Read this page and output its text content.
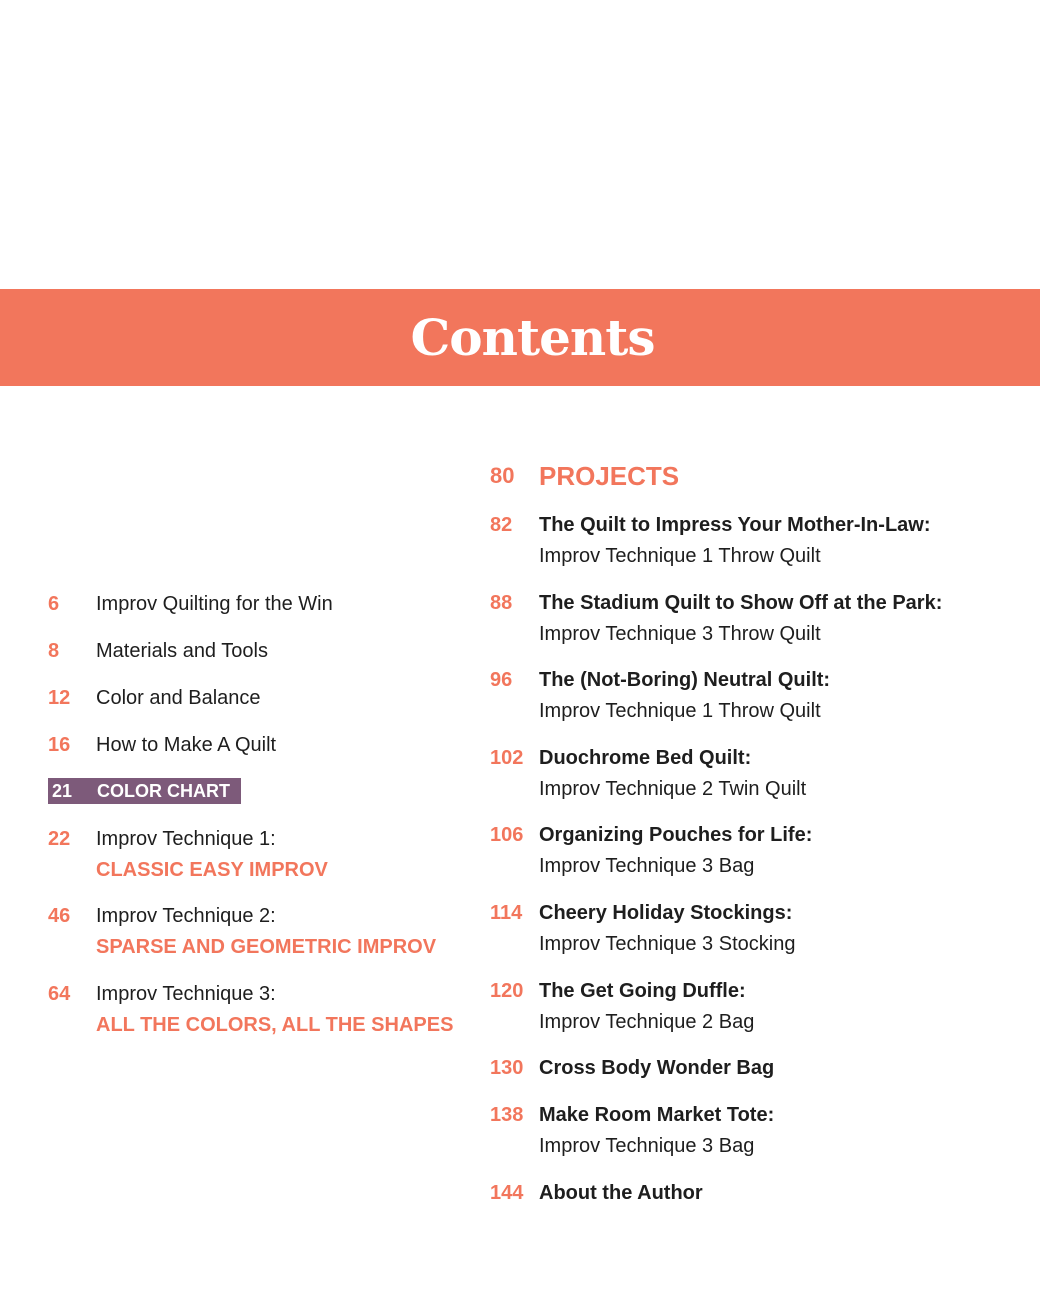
Contents
6 Improv Quilting for the Win
8 Materials and Tools
12 Color and Balance
16 How to Make A Quilt
21 COLOR CHART
22 Improv Technique 1:
CLASSIC EASY IMPROV
46 Improv Technique 2:
SPARSE AND GEOMETRIC IMPROV
64 Improv Technique 3:
ALL THE COLORS, ALL THE SHAPES
80 PROJECTS
82 The Quilt to Impress Your Mother-In-Law:
Improv Technique 1 Throw Quilt
88 The Stadium Quilt to Show Off at the Park:
Improv Technique 3 Throw Quilt
96 The (Not-Boring) Neutral Quilt:
Improv Technique 1 Throw Quilt
102 Duochrome Bed Quilt:
Improv Technique 2 Twin Quilt
106 Organizing Pouches for Life:
Improv Technique 3 Bag
114 Cheery Holiday Stockings:
Improv Technique 3 Stocking
120 The Get Going Duffle:
Improv Technique 2 Bag
130 Cross Body Wonder Bag
138 Make Room Market Tote:
Improv Technique 3 Bag
144 About the Author
